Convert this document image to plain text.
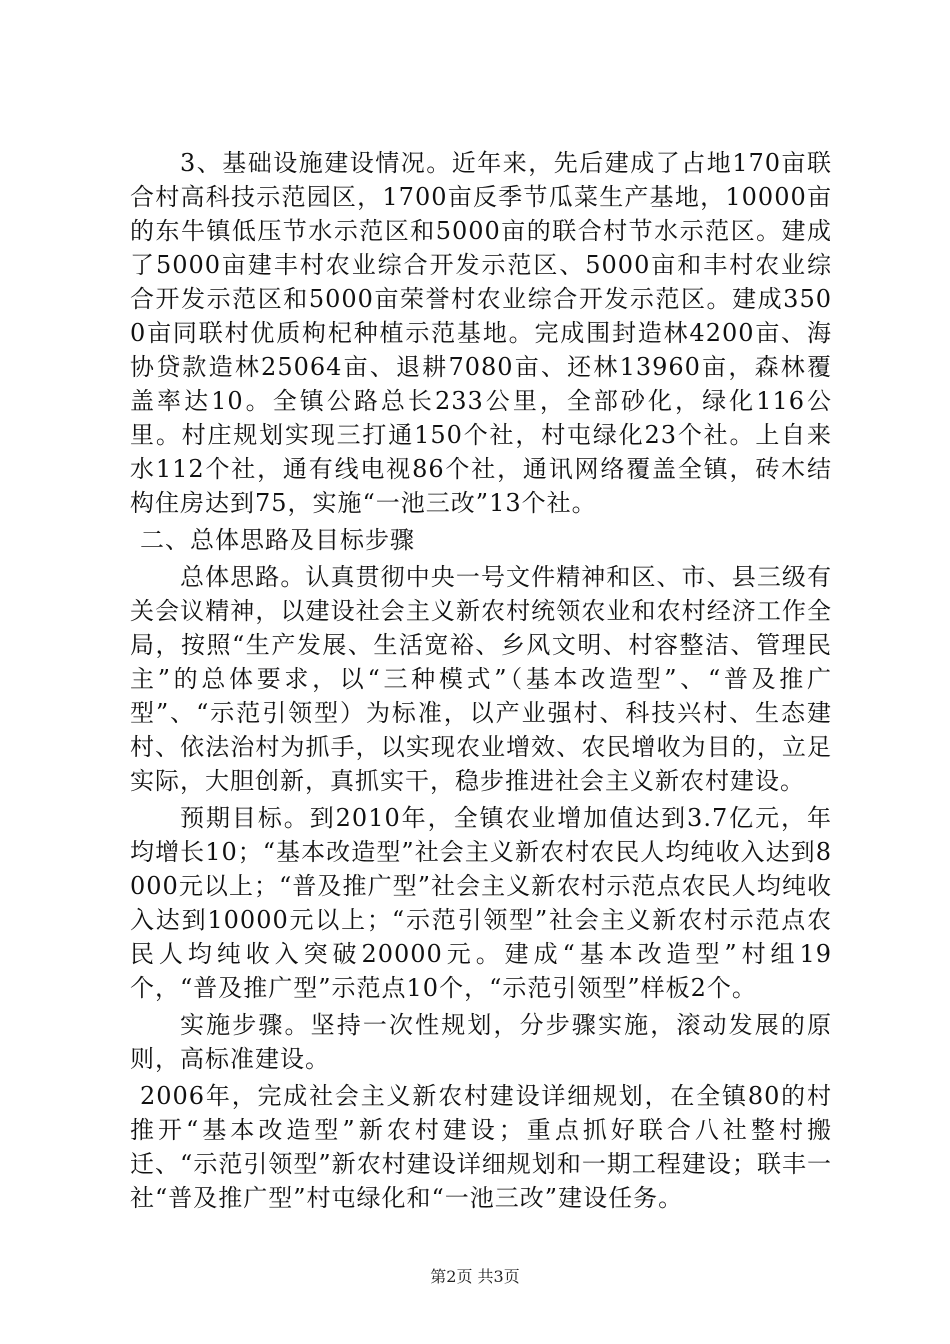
3、基础设施建设情况。近年来，先后建成了占地170亩联合村高科技示范园区，1700亩反季节瓜菜生产基地，10000亩的东牛镇低压节水示范区和5000亩的联合村节水示范区。建成了5000亩建丰村农业综合开发示范区、5000亩和丰村农业综合开发示范区和5000亩荣誉村农业综合开发示范区。建成3500亩同联村优质枸杞种植示范基地。完成围封造林4200亩、海协贷款造林25064亩、退耕7080亩、还林13960亩，森林覆盖率达10。全镇公路总长233公里，全部砂化，绿化116公里。村庄规划实现三打通150个社，村屯绿化23个社。上自来水112个社，通有线电视86个社，通讯网络覆盖全镇，砖木结构住房达到75，实施“一池三改”13个社。

二、总体思路及目标步骤

总体思路。认真贯彻中央一号文件精神和区、市、县三级有关会议精神，以建设社会主义新农村统领农业和农村经济工作全局，按照“生产发展、生活宽裕、乡风文明、村容整洁、管理民主”的总体要求，以“三种模式”（基本改造型”、“普及推广型”、“示范引领型）为标准，以产业强村、科技兴村、生态建村、依法治村为抓手，以实现农业增效、农民增收为目的，立足实际，大胆创新，真抓实干，稳步推进社会主义新农村建设。

预期目标。到2010年，全镇农业增加值达到3.7亿元，年均增长10；“基本改造型”社会主义新农村农民人均纯收入达到8000元以上；“普及推广型”社会主义新农村示范点农民人均纯收入达到10000元以上；“示范引领型”社会主义新农村示范点农民人均纯收入突破20000元。建成“基本改造型”村组19个，“普及推广型”示范点10个，“示范引领型”样板2个。

实施步骤。坚持一次性规划，分步骤实施，滚动发展的原则，高标准建设。

2006年，完成社会主义新农村建设详细规划，在全镇80的村推开“基本改造型”新农村建设；重点抓好联合八社整村搬迁、“示范引领型”新农村建设详细规划和一期工程建设；联丰一社“普及推广型”村屯绿化和“一池三改”建设任务。

第2页 共3页
